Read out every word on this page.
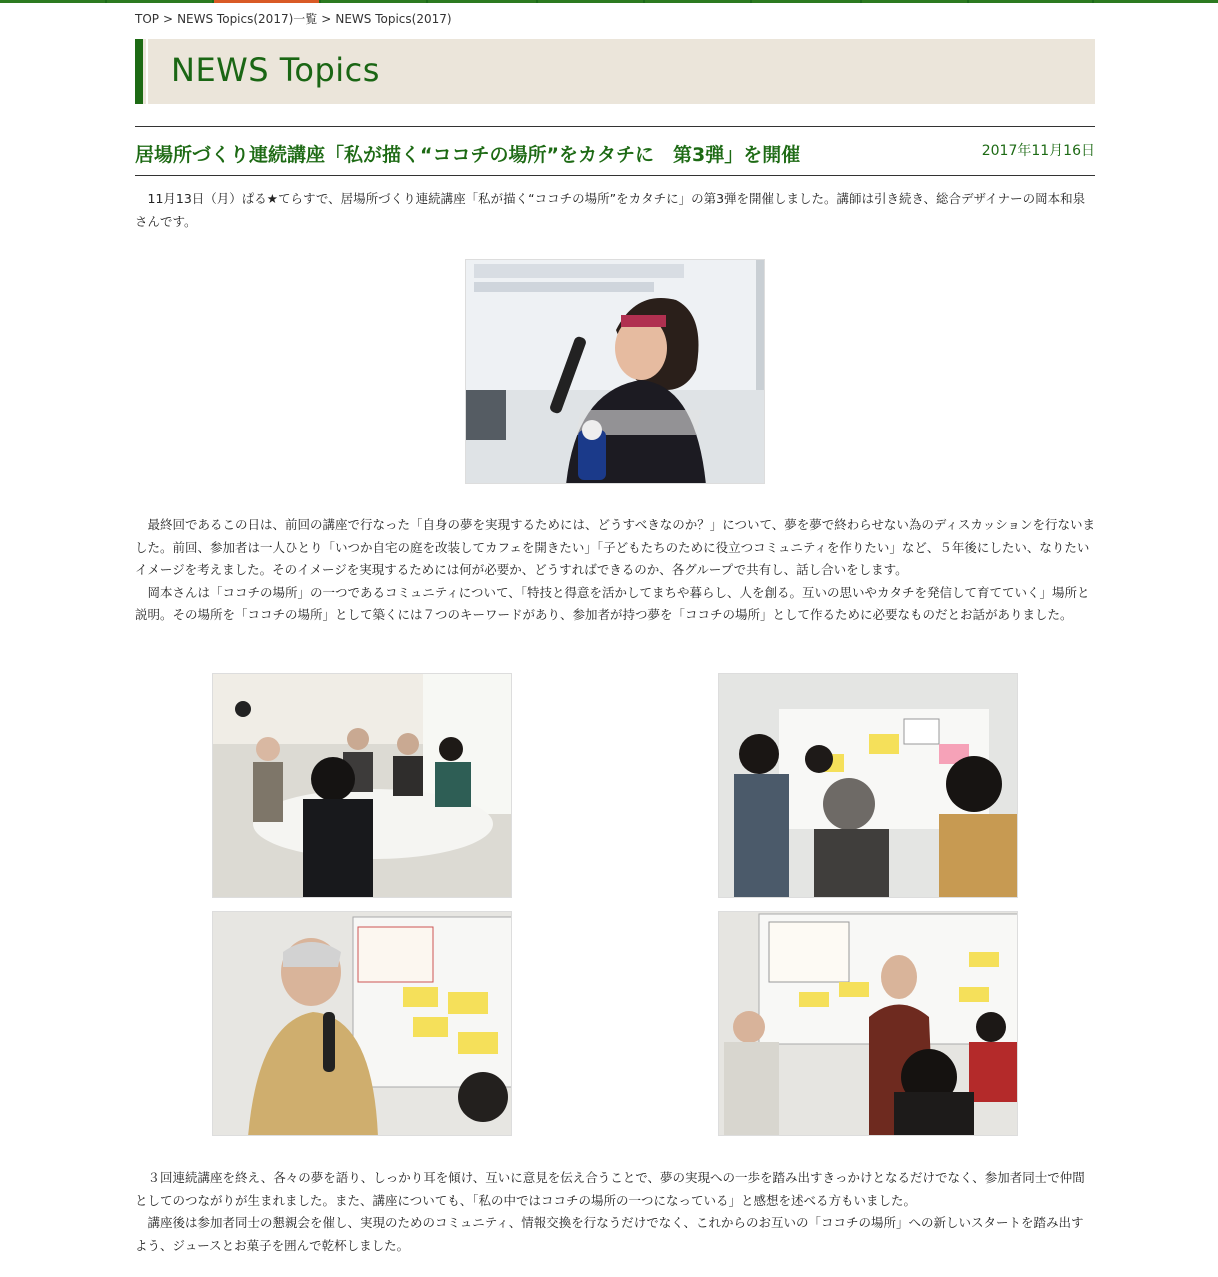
TOP > NEWS Topics(2017)一覧 > NEWS Topics(2017)
NEWS Topics
居場所づくり連続講座「私が描く“ココチの場所”をカタチに　第3弾」を開催	2017年11月16日

11月13日（月）ぱる★てらすで、居場所づくり連続講座「私が描く“ココチの場所”をカタチに」の第3弾を開催しました。講師は引き続き、総合デザイナーの岡本和泉さんです。

最終回であるこの日は、前回の講座で行なった「自身の夢を実現するためには、どうすべきなのか？」について、夢を夢で終わらせない為のディスカッションを行ないました。前回、参加者は一人ひとり「いつか自宅の庭を改装してカフェを開きたい」「子どもたちのために役立つコミュニティを作りたい」など、５年後にしたい、なりたいイメージを考えました。そのイメージを実現するためには何が必要か、どうすればできるのか、各グループで共有し、話し合いをします。

岡本さんは「ココチの場所」の一つであるコミュニティについて、「特技と得意を活かしてまちや暮らし、人を創る。互いの思いやカタチを発信して育てていく」場所と説明。その場所を「ココチの場所」として築くには７つのキーワードがあり、参加者が持つ夢を「ココチの場所」として作るために必要なものだとお話がありました。

３回連続講座を終え、各々の夢を語り、しっかり耳を傾け、互いに意見を伝え合うことで、夢の実現への一歩を踏み出すきっかけとなるだけでなく、参加者同士で仲間としてのつながりが生まれました。また、講座についても、「私の中ではココチの場所の一つになっている」と感想を述べる方もいました。

講座後は参加者同士の懇親会を催し、実現のためのコミュニティ、情報交換を行なうだけでなく、これからのお互いの「ココチの場所」への新しいスタートを踏み出すよう、ジュースとお菓子を囲んで乾杯しました。
